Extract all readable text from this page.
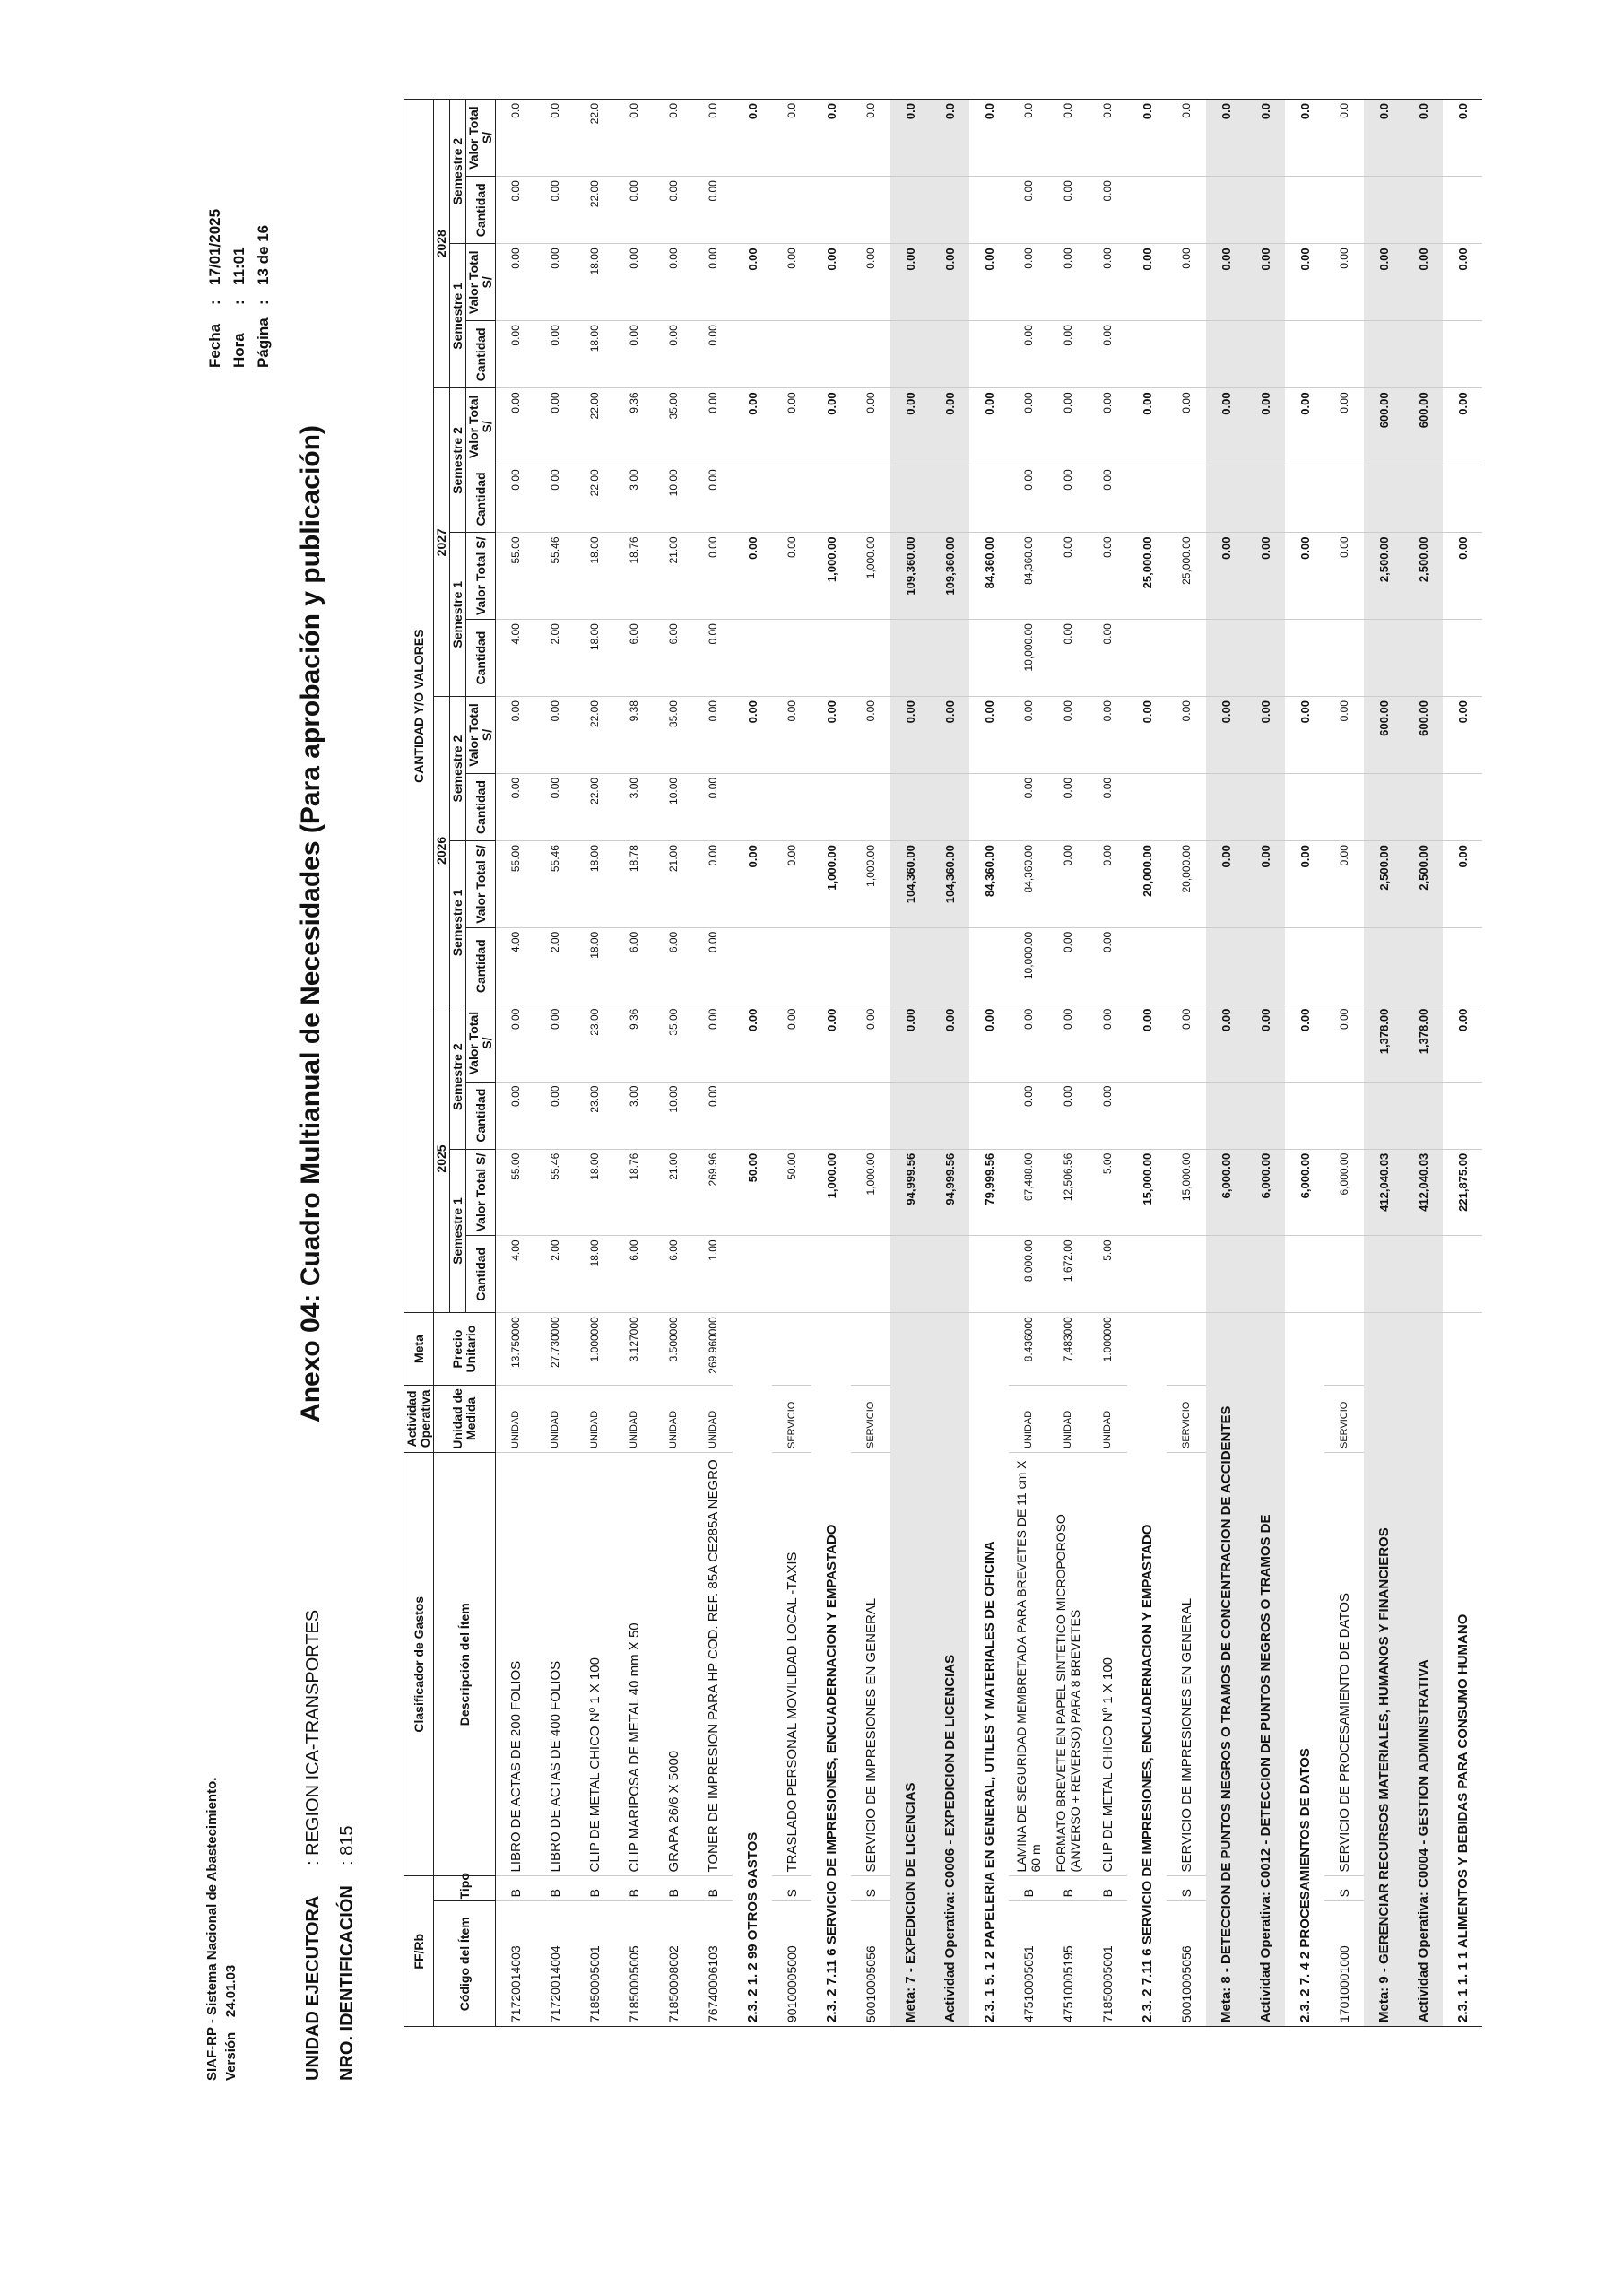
SIAF-RP - Sistema Nacional de Abastecimiento. Versión    24.01.03
Fecha:17/01/2025
Hora:11:01
Página:13 de 16
UNIDAD EJECUTORA: REGION ICA-TRANSPORTES
NRO. IDENTIFICACIÓN: 815
Anexo 04: Cuadro Multianual de Necesidades (Para aprobación y publicación)
FF/Rb		Clasificador de Gastos	Actividad Operativa	Meta	CANTIDAD Y/O VALORES															
Código del Ítem	Tipo	Descripción del Ítem	Unidad de Medida	Precio Unitario	2025				2026				2027				2028			
					Semestre 1		Semestre 2		Semestre 1		Semestre 2		Semestre 1		Semestre 2		Semestre 1		Semestre 2	
					Cantidad	Valor Total S/	Cantidad	Valor Total S/	Cantidad	Valor Total S/	Cantidad	Valor Total S/	Cantidad	Valor Total S/	Cantidad	Valor Total S/	Cantidad	Valor Total S/	Cantidad	Valor Total S/
71720014003	B	LIBRO DE ACTAS DE 200 FOLIOS	UNIDAD	13.750000	4.00	55.00	0.00	0.00	4.00	55.00	0.00	0.00	4.00	55.00	0.00	0.00	0.00	0.00	0.00	0.0
71720014004	B	LIBRO DE ACTAS DE 400 FOLIOS	UNIDAD	27.730000	2.00	55.46	0.00	0.00	2.00	55.46	0.00	0.00	2.00	55.46	0.00	0.00	0.00	0.00	0.00	0.0
71850005001	B	CLIP DE METAL CHICO Nº 1 X 100	UNIDAD	1.000000	18.00	18.00	23.00	23.00	18.00	18.00	22.00	22.00	18.00	18.00	22.00	22.00	18.00	18.00	22.00	22.0
71850005005	B	CLIP MARIPOSA DE METAL 40 mm X 50	UNIDAD	3.127000	6.00	18.76	3.00	9.36	6.00	18.78	3.00	9.38	6.00	18.76	3.00	9.36	0.00	0.00	0.00	0.0
71850008002	B	GRAPA 26/6 X 5000	UNIDAD	3.500000	6.00	21.00	10.00	35.00	6.00	21.00	10.00	35.00	6.00	21.00	10.00	35.00	0.00	0.00	0.00	0.0
76740006103	B	TONER DE IMPRESION PARA HP COD. REF. 85A CE285A NEGRO	UNIDAD	269.960000	1.00	269.96	0.00	0.00	0.00	0.00	0.00	0.00	0.00	0.00	0.00	0.00	0.00	0.00	0.00	0.0
2.3. 2 1. 2 99 OTROS GASTOS						50.00		0.00		0.00		0.00		0.00		0.00		0.00		0.0
90100005000	S	TRASLADO PERSONAL MOVILIDAD LOCAL -TAXIS	SERVICIO			50.00		0.00		0.00		0.00		0.00		0.00		0.00		0.0
2.3. 2 7.11 6 SERVICIO DE IMPRESIONES, ENCUADERNACION Y EMPASTADO						1,000.00		0.00		1,000.00		0.00		1,000.00		0.00		0.00		0.0
50010005056	S	SERVICIO DE IMPRESIONES EN GENERAL	SERVICIO			1,000.00		0.00		1,000.00		0.00		1,000.00		0.00		0.00		0.0
Meta: 7 - EXPEDICION DE LICENCIAS						94,999.56		0.00		104,360.00		0.00		109,360.00		0.00		0.00		0.0
Actividad Operativa: C0006 - EXPEDICION DE LICENCIAS						94,999.56		0.00		104,360.00		0.00		109,360.00		0.00		0.00		0.0
2.3. 1 5. 1 2 PAPELERIA EN GENERAL, UTILES Y MATERIALES DE OFICINA						79,999.56		0.00		84,360.00		0.00		84,360.00		0.00		0.00		0.0
47510005051	B	LAMINA DE SEGURIDAD MEMBRETADA PARA BREVETES DE 11 cm X 60 m	UNIDAD	8.436000	8,000.00	67,488.00	0.00	0.00	10,000.00	84,360.00	0.00	0.00	10,000.00	84,360.00	0.00	0.00	0.00	0.00	0.00	0.0
47510005195	B	FORMATO BREVETE EN PAPEL SINTETICO MICROPOROSO (ANVERSO + REVERSO) PARA 8 BREVETES	UNIDAD	7.483000	1,672.00	12,506.56	0.00	0.00	0.00	0.00	0.00	0.00	0.00	0.00	0.00	0.00	0.00	0.00	0.00	0.0
71850005001	B	CLIP DE METAL CHICO Nº 1 X 100	UNIDAD	1.000000	5.00	5.00	0.00	0.00	0.00	0.00	0.00	0.00	0.00	0.00	0.00	0.00	0.00	0.00	0.00	0.0
2.3. 2 7.11 6 SERVICIO DE IMPRESIONES, ENCUADERNACION Y EMPASTADO						15,000.00		0.00		20,000.00		0.00		25,000.00		0.00		0.00		0.0
50010005056	S	SERVICIO DE IMPRESIONES EN GENERAL	SERVICIO			15,000.00		0.00		20,000.00		0.00		25,000.00		0.00		0.00		0.0
Meta: 8 - DETECCION DE PUNTOS NEGROS O TRAMOS DE CONCENTRACION DE ACCIDENTES						6,000.00		0.00		0.00		0.00		0.00		0.00		0.00		0.0
Actividad Operativa: C0012 - DETECCION DE PUNTOS NEGROS O TRAMOS DE						6,000.00		0.00		0.00		0.00		0.00		0.00		0.00		0.0
2.3. 2 7. 4 2 PROCESAMIENTOS DE DATOS						6,000.00		0.00		0.00		0.00		0.00		0.00		0.00		0.0
17010001000	S	SERVICIO DE PROCESAMIENTO DE DATOS	SERVICIO			6,000.00		0.00		0.00		0.00		0.00		0.00		0.00		0.0
Meta: 9 - GERENCIAR RECURSOS MATERIALES, HUMANOS Y FINANCIEROS						412,040.03		1,378.00		2,500.00		600.00		2,500.00		600.00		0.00		0.0
Actividad Operativa: C0004 - GESTION ADMINISTRATIVA						412,040.03		1,378.00		2,500.00		600.00		2,500.00		600.00		0.00		0.0
2.3. 1 1. 1 1 ALIMENTOS Y BEBIDAS PARA CONSUMO HUMANO						221,875.00		0.00		0.00		0.00		0.00		0.00		0.00		0.0
